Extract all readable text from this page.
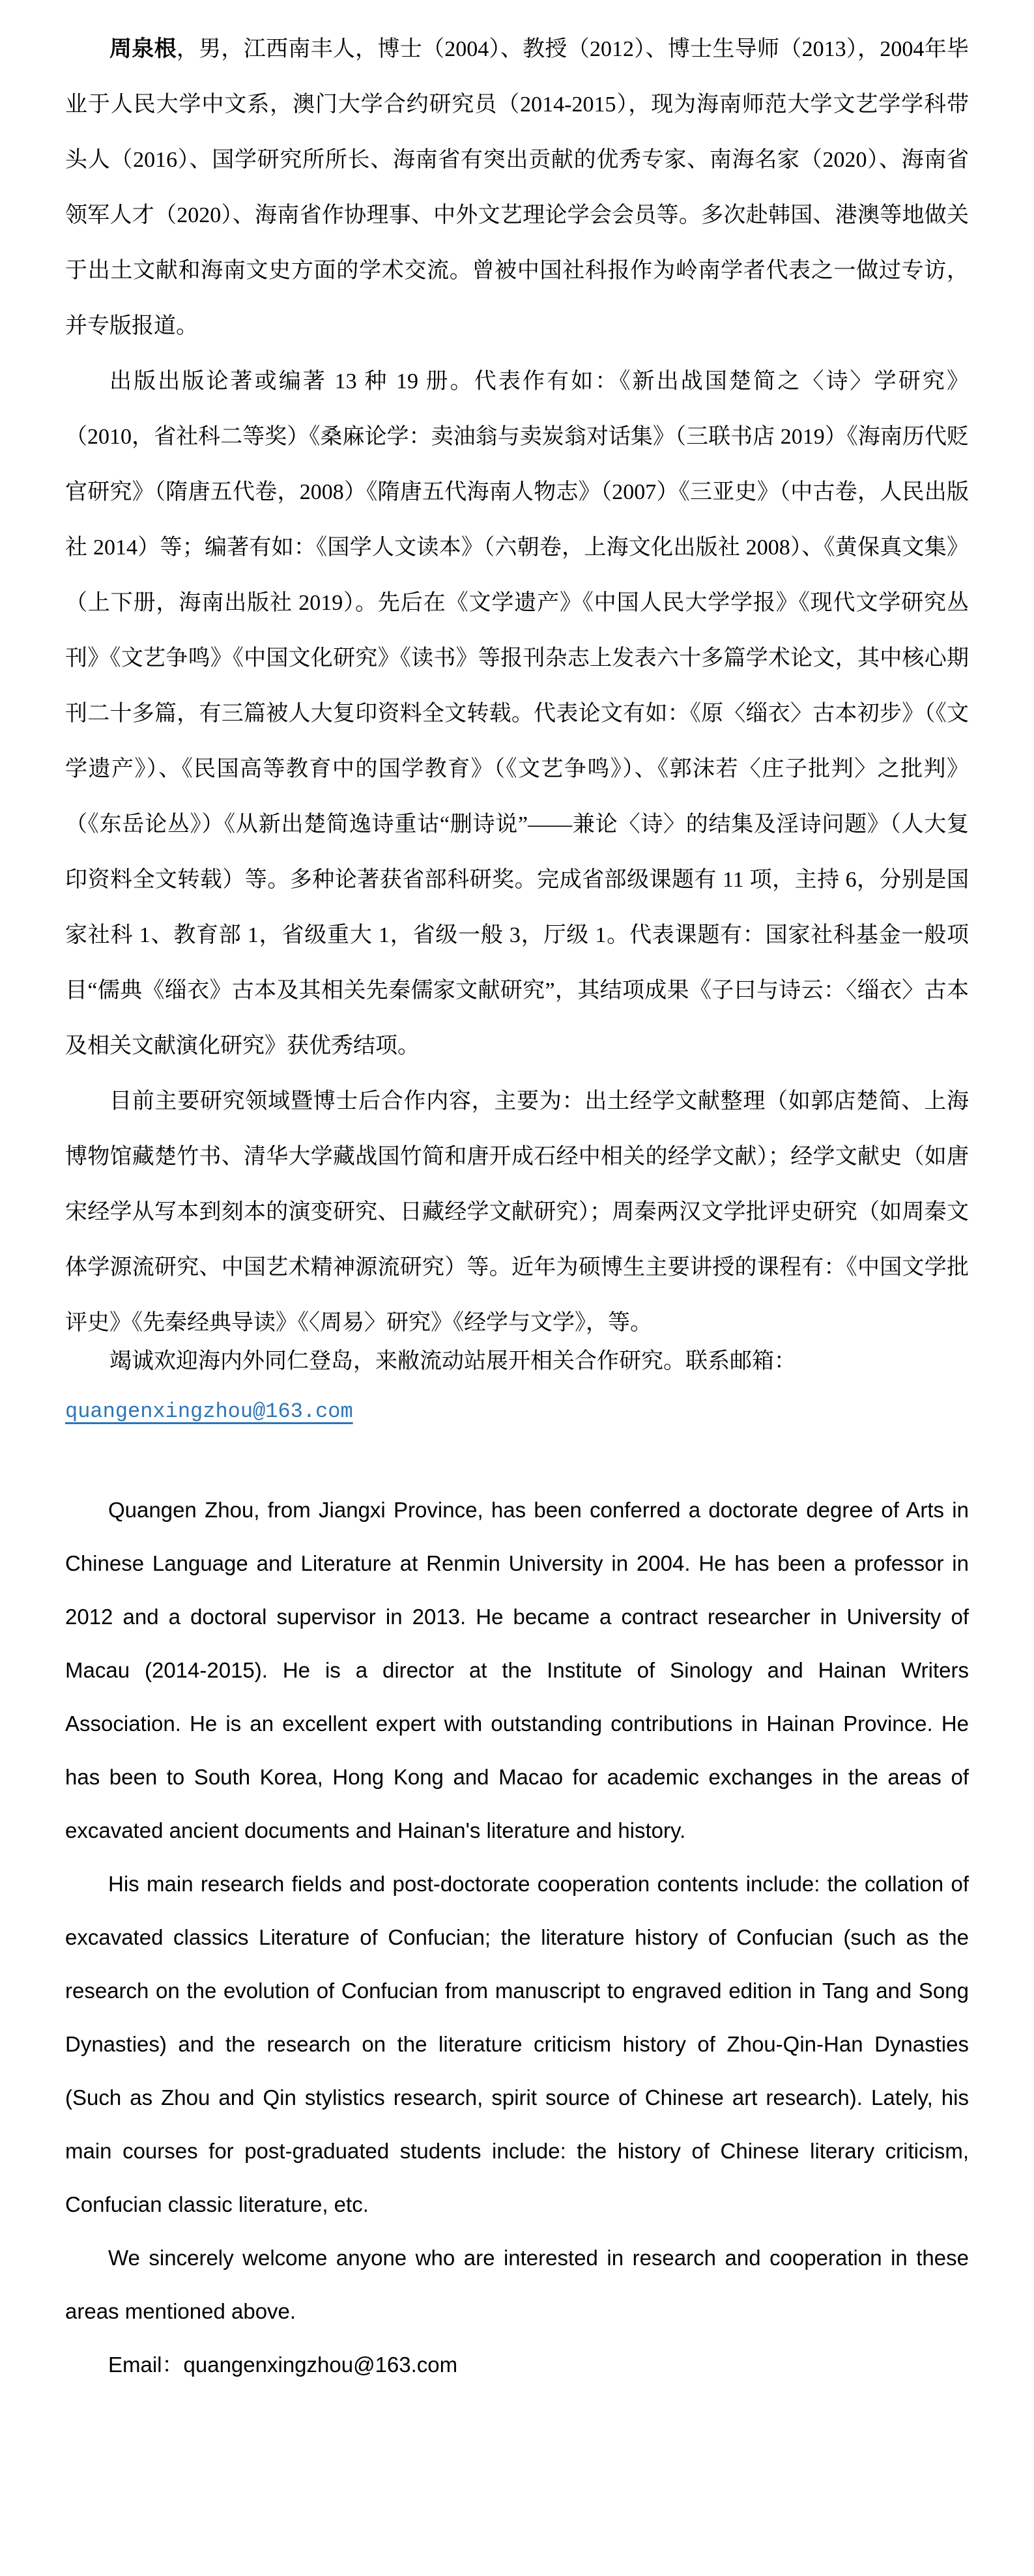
周泉根，男，江西南丰人，博士（2004）、教授（2012）、博士生导师（2013），2004年毕业于人民大学中文系，澳门大学合约研究员（2014-2015），现为海南师范大学文艺学学科带头人（2016）、国学研究所所长、海南省有突出贡献的优秀专家、南海名家（2020）、海南省领军人才（2020）、海南省作协理事、中外文艺理论学会会员等。多次赴韩国、港澳等地做关于出土文献和海南文史方面的学术交流。曾被中国社科报作为岭南学者代表之一做过专访，并专版报道。

出版出版论著或编著 13 种 19 册。代表作有如：《新出战国楚简之〈诗〉学研究》（2010，省社科二等奖）《桑麻论学：卖油翁与卖炭翁对话集》（三联书店 2019）《海南历代贬官研究》（隋唐五代卷，2008）《隋唐五代海南人物志》（2007）《三亚史》（中古卷，人民出版社 2014）等；编著有如：《国学人文读本》（六朝卷，上海文化出版社 2008）、《黄保真文集》（上下册，海南出版社 2019）。先后在《文学遗产》《中国人民大学学报》《现代文学研究丛刊》《文艺争鸣》《中国文化研究》《读书》等报刊杂志上发表六十多篇学术论文，其中核心期刊二十多篇，有三篇被人大复印资料全文转载。代表论文有如：《原〈缁衣〉古本初步》（《文学遗产》）、《民国高等教育中的国学教育》（《文艺争鸣》）、《郭沫若〈庄子批判〉之批判》（《东岳论丛》）《从新出楚简逸诗重诂“删诗说”——兼论〈诗〉的结集及淫诗问题》（人大复印资料全文转载）等。多种论著获省部科研奖。完成省部级课题有 11 项，主持 6，分别是国家社科 1、教育部 1，省级重大 1，省级一般 3，厅级 1。代表课题有：国家社科基金一般项目“儒典《缁衣》古本及其相关先秦儒家文献研究”，其结项成果《子曰与诗云：〈缁衣〉古本及相关文献演化研究》获优秀结项。

目前主要研究领域暨博士后合作内容，主要为：出土经学文献整理（如郭店楚简、上海博物馆藏楚竹书、清华大学藏战国竹简和唐开成石经中相关的经学文献）；经学文献史（如唐宋经学从写本到刻本的演变研究、日藏经学文献研究）；周秦两汉文学批评史研究（如周秦文体学源流研究、中国艺术精神源流研究）等。近年为硕博生主要讲授的课程有：《中国文学批评史》《先秦经典导读》《〈周易〉研究》《经学与文学》，等。

竭诚欢迎海内外同仁登岛，来敝流动站展开相关合作研究。联系邮箱：

quangenxingzhou@163.com

Quangen Zhou, from Jiangxi Province, has been conferred a doctorate degree of Arts in Chinese Language and Literature at Renmin University in 2004. He has been a professor in 2012 and a doctoral supervisor in 2013. He became a contract researcher in University of Macau (2014-2015). He is a director at the Institute of Sinology and Hainan Writers Association. He is an excellent expert with outstanding contributions in Hainan Province. He has been to South Korea, Hong Kong and Macao for academic exchanges in the areas of excavated ancient documents and Hainan's literature and history.

His main research fields and post-doctorate cooperation contents include: the collation of excavated classics Literature of Confucian; the literature history of Confucian (such as the research on the evolution of Confucian from manuscript to engraved edition in Tang and Song Dynasties) and the research on the literature criticism history of Zhou-Qin-Han Dynasties (Such as Zhou and Qin stylistics research, spirit source of Chinese art research). Lately, his main courses for post-graduated students include: the history of Chinese literary criticism, Confucian classic literature, etc.

We sincerely welcome anyone who are interested in research and cooperation in these areas mentioned above.

Email：quangenxingzhou@163.com
